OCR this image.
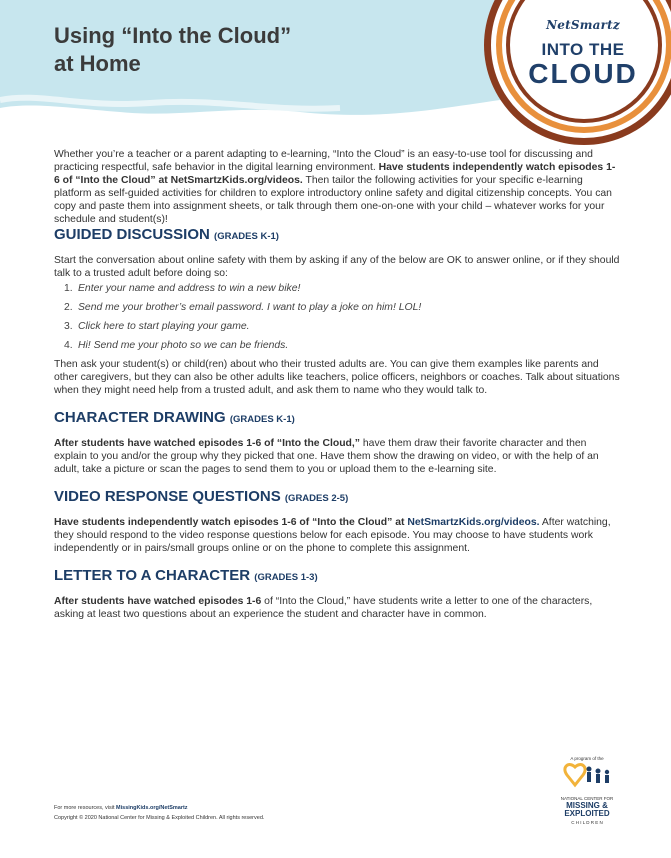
Using “Into the Cloud”
at Home
NetSmartz
INTO THE
CLOUD

Whether you’re a teacher or a parent adapting to e-learning, “Into the Cloud” is an easy-to-use tool for discussing and practicing respectful, safe behavior in the digital learning environment. Have students independently watch episodes 1-6 of “Into the Cloud” at NetSmartzKids.org/videos. Then tailor the following activities for your specific e-learning platform as self-guided activities for children to explore introductory online safety and digital citizenship concepts. You can copy and paste them into assignment sheets, or talk through them one-on-one with your child – whatever works for your schedule and student(s)!

GUIDED DISCUSSION (GRADES K-1)

Start the conversation about online safety with them by asking if any of the below are OK to answer online, or if they should talk to a trusted adult before doing so:

1. Enter your name and address to win a new bike!
2. Send me your brother’s email password. I want to play a joke on him! LOL!
3. Click here to start playing your game.
4. Hi! Send me your photo so we can be friends.

Then ask your student(s) or child(ren) about who their trusted adults are. You can give them examples like parents and other caregivers, but they can also be other adults like teachers, police officers, neighbors or coaches. Talk about situations when they might need help from a trusted adult, and ask them to name who they would talk to.

CHARACTER DRAWING (GRADES K-1)

After students have watched episodes 1-6 of “Into the Cloud,” have them draw their favorite character and then explain to you and/or the group why they picked that one. Have them show the drawing on video, or with the help of an adult, take a picture or scan the pages to send them to you or upload them to the e-learning site.

VIDEO RESPONSE QUESTIONS (GRADES 2-5)

Have students independently watch episodes 1-6 of “Into the Cloud” at NetSmartzKids.org/videos. After watching, they should respond to the video response questions below for each episode. You may choose to have students work independently or in pairs/small groups online or on the phone to complete this assignment.

LETTER TO A CHARACTER (GRADES 1-3)

After students have watched episodes 1-6 of “Into the Cloud,” have students write a letter to one of the characters, asking at least two questions about an experience the student and character have in common.

For more resources, visit MissingKids.org/NetSmartz
Copyright © 2020 National Center for Missing & Exploited Children. All rights reserved.
A program of the
NATIONAL CENTER FOR
MISSING &
EXPLOITED
C H I L D R E N
